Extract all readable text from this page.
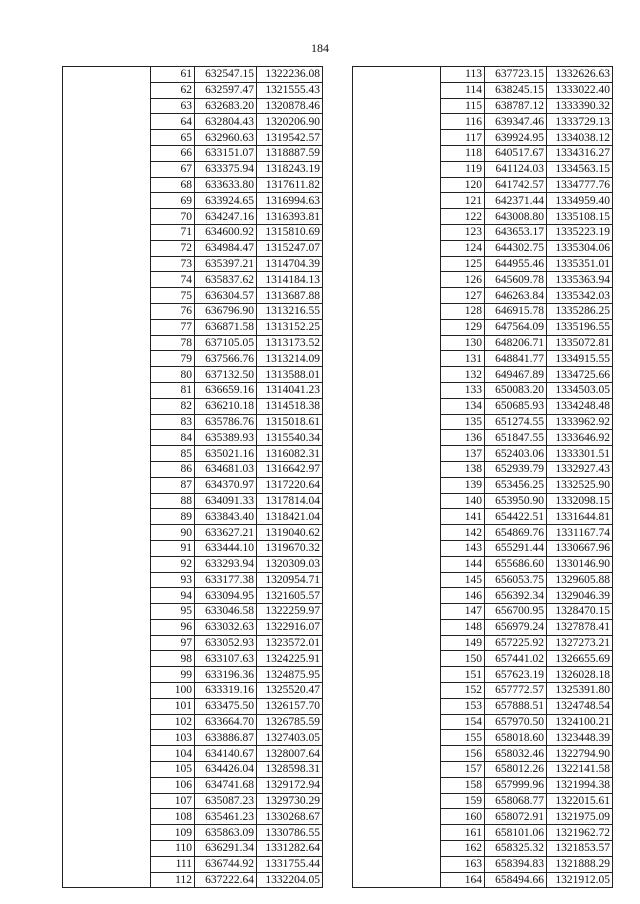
184
	61	632547.15	1322236.08
	62	632597.47	1321555.43
	63	632683.20	1320878.46
	64	632804.43	1320206.90
	65	632960.63	1319542.57
	66	633151.07	1318887.59
	67	633375.94	1318243.19
	68	633633.80	1317611.82
	69	633924.65	1316994.63
	70	634247.16	1316393.81
	71	634600.92	1315810.69
	72	634984.47	1315247.07
	73	635397.21	1314704.39
	74	635837.62	1314184.13
	75	636304.57	1313687.88
	76	636796.90	1313216.55
	77	636871.58	1313152.25
	78	637105.05	1313173.52
	79	637566.76	1313214.09
	80	637132.50	1313588.01
	81	636659.16	1314041.23
	82	636210.18	1314518.38
	83	635786.76	1315018.61
	84	635389.93	1315540.34
	85	635021.16	1316082.31
	86	634681.03	1316642.97
	87	634370.97	1317220.64
	88	634091.33	1317814.04
	89	633843.40	1318421.04
	90	633627.21	1319040.62
	91	633444.10	1319670.32
	92	633293.94	1320309.03
	93	633177.38	1320954.71
	94	633094.95	1321605.57
	95	633046.58	1322259.97
	96	633032.63	1322916.07
	97	633052.93	1323572.01
	98	633107.63	1324225.91
	99	633196.36	1324875.95
	100	633319.16	1325520.47
	101	633475.50	1326157.70
	102	633664.70	1326785.59
	103	633886.87	1327403.05
	104	634140.67	1328007.64
	105	634426.04	1328598.31
	106	634741.68	1329172.94
	107	635087.23	1329730.29
	108	635461.23	1330268.67
	109	635863.09	1330786.55
	110	636291.34	1331282.64
	111	636744.92	1331755.44
	112	637222.64	1332204.05
	113	637723.15	1332626.63
	114	638245.15	1333022.40
	115	638787.12	1333390.32
	116	639347.46	1333729.13
	117	639924.95	1334038.12
	118	640517.67	1334316.27
	119	641124.03	1334563.15
	120	641742.57	1334777.76
	121	642371.44	1334959.40
	122	643008.80	1335108.15
	123	643653.17	1335223.19
	124	644302.75	1335304.06
	125	644955.46	1335351.01
	126	645609.78	1335363.94
	127	646263.84	1335342.03
	128	646915.78	1335286.25
	129	647564.09	1335196.55
	130	648206.71	1335072.81
	131	648841.77	1334915.55
	132	649467.89	1334725.66
	133	650083.20	1334503.05
	134	650685.93	1334248.48
	135	651274.55	1333962.92
	136	651847.55	1333646.92
	137	652403.06	1333301.51
	138	652939.79	1332927.43
	139	653456.25	1332525.90
	140	653950.90	1332098.15
	141	654422.51	1331644.81
	142	654869.76	1331167.74
	143	655291.44	1330667.96
	144	655686.60	1330146.90
	145	656053.75	1329605.88
	146	656392.34	1329046.39
	147	656700.95	1328470.15
	148	656979.24	1327878.41
	149	657225.92	1327273.21
	150	657441.02	1326655.69
	151	657623.19	1326028.18
	152	657772.57	1325391.80
	153	657888.51	1324748.54
	154	657970.50	1324100.21
	155	658018.60	1323448.39
	156	658032.46	1322794.90
	157	658012.26	1322141.58
	158	657999.96	1321994.38
	159	658068.77	1322015.61
	160	658072.91	1321975.09
	161	658101.06	1321962.72
	162	658325.32	1321853.57
	163	658394.83	1321888.29
	164	658494.66	1321912.05
